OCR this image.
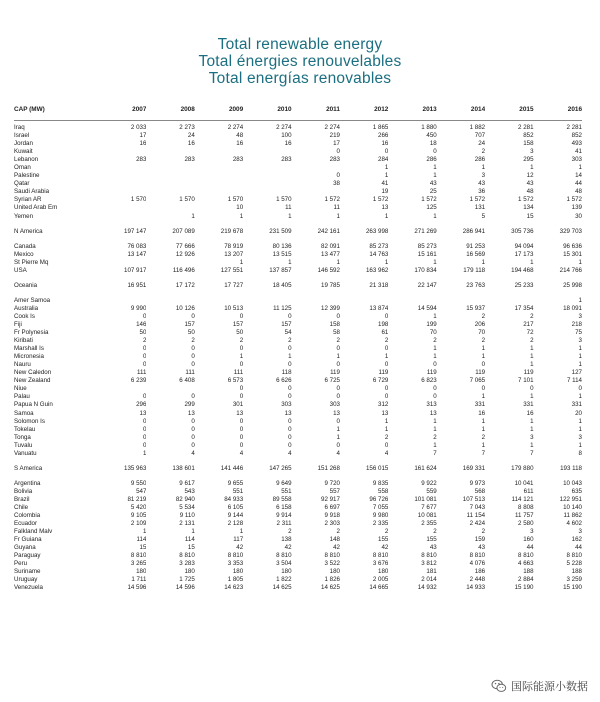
Total renewable energy
Total énergies renouvelables
Total energías renovables
CAP (MW)	2007	2008	2009	2010	2011	2012	2013	2014	2015	2016

Iraq	2 033	2 273	2 274	2 274	2 274	1 865	1 880	1 882	2 281	2 281
Israel	17	24	48	100	219	266	450	707	852	852
Jordan	16	16	16	16	17	16	18	24	158	493
Kuwait					0	0	0	2	3	41
Lebanon	283	283	283	283	283	284	286	286	295	303
Oman						1	1	1	1	1
Palestine					0	1	1	3	12	14
Qatar					38	41	43	43	43	44
Saudi Arabia						19	25	36	48	48
Syrian AR	1 570	1 570	1 570	1 570	1 572	1 572	1 572	1 572	1 572	1 572
United Arab Em			10	11	11	13	125	131	134	139
Yemen		1	1	1	1	1	1	5	15	30

N America	197 147	207 089	219 678	231 509	242 161	263 998	271 269	286 941	305 736	329 703

Canada	76 083	77 666	78 919	80 136	82 091	85 273	85 273	91 253	94 094	96 636
Mexico	13 147	12 926	13 207	13 515	13 477	14 763	15 161	16 569	17 173	15 301
St Pierre Mq			1	1	1	1	1	1	1	1
USA	107 917	116 496	127 551	137 857	146 592	163 962	170 834	179 118	194 468	214 766

Oceania	16 951	17 172	17 727	18 405	19 785	21 318	22 147	23 763	25 233	25 998

Amer Samoa										1
Australia	9 990	10 126	10 513	11 125	12 399	13 874	14 594	15 937	17 354	18 091
Cook Is	0	0	0	0	0	0	1	2	2	3
Fiji	146	157	157	157	158	198	199	206	217	218
Fr Polynesia	50	50	50	54	58	61	70	70	72	75
Kiribati	2	2	2	2	2	2	2	2	2	3
Marshall Is	0	0	0	0	0	0	1	1	1	1
Micronesia	0	0	1	1	1	1	1	1	1	1
Nauru	0	0	0	0	0	0	0	0	1	1
New Caledon	111	111	111	118	119	119	119	119	119	127
New Zealand	6 239	6 408	6 573	6 626	6 725	6 729	6 823	7 065	7 101	7 114
Niue			0	0	0	0	0	0	0	0
Palau	0	0	0	0	0	0	0	1	1	1
Papua N Guin	296	299	301	303	303	312	313	331	331	331
Samoa	13	13	13	13	13	13	13	16	16	20
Solomon Is	0	0	0	0	0	1	1	1	1	1
Tokelau	0	0	0	0	1	1	1	1	1	1
Tonga	0	0	0	0	1	2	2	2	3	3
Tuvalu	0	0	0	0	0	0	1	1	1	1
Vanuatu	1	4	4	4	4	4	7	7	7	8

S America	135 963	138 601	141 446	147 265	151 268	156 015	161 624	169 331	179 880	193 118

Argentina	9 550	9 617	9 655	9 649	9 720	9 835	9 922	9 973	10 041	10 043
Bolivia	547	543	551	551	557	558	559	568	611	635
Brazil	81 219	82 940	84 933	89 558	92 917	96 726	101 081	107 513	114 121	122 951
Chile	5 420	5 534	6 105	6 158	6 697	7 055	7 677	7 043	8 808	10 140
Colombia	9 105	9 110	9 144	9 914	9 918	9 980	10 081	11 154	11 757	11 862
Ecuador	2 109	2 131	2 128	2 311	2 303	2 335	2 355	2 424	2 580	4 602
Falkland Malv	1	1	1	2	2	2	2	2	3	3
Fr Guiana	114	114	117	138	148	155	155	159	160	162
Guyana	15	15	42	42	42	42	43	43	44	44
Paraguay	8 810	8 810	8 810	8 810	8 810	8 810	8 810	8 810	8 810	8 810
Peru	3 265	3 283	3 353	3 504	3 522	3 676	3 812	4 076	4 663	5 228
Suriname	180	180	180	180	180	180	181	186	188	188
Uruguay	1 711	1 725	1 805	1 822	1 826	2 005	2 014	2 448	2 884	3 259
Venezuela	14 596	14 596	14 623	14 625	14 625	14 665	14 932	14 933	15 190	15 190
国际能源小数据
